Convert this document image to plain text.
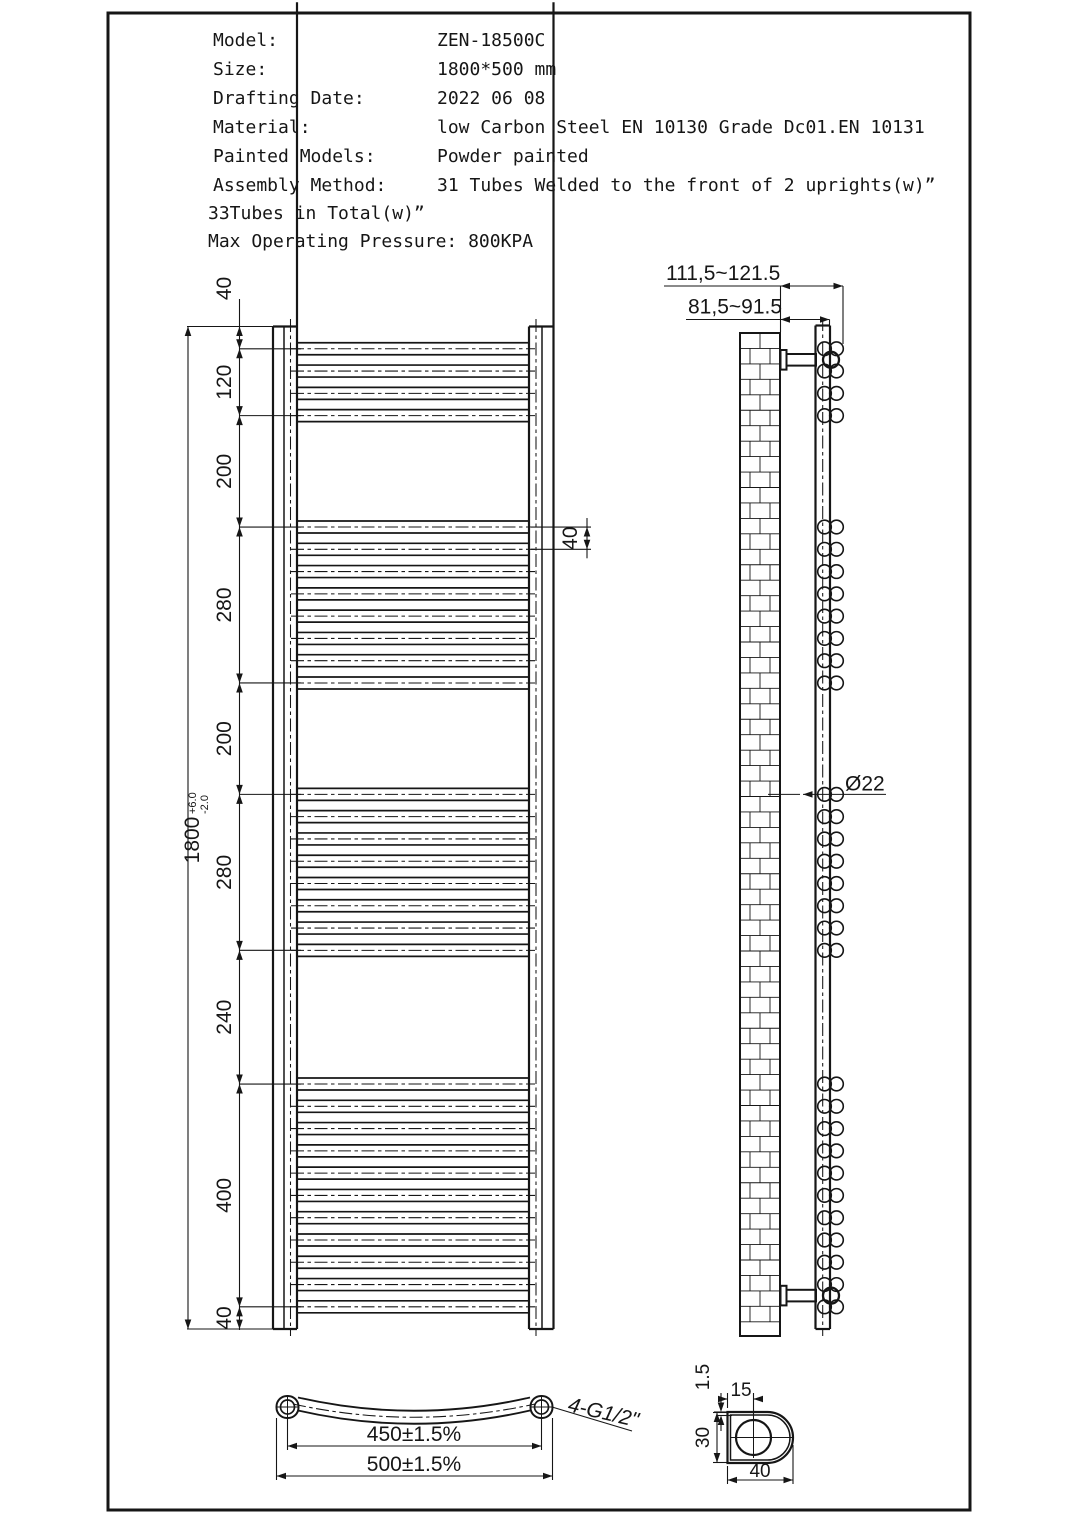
40
120
200
280
200
280
240
400
40
1800
+6.0 -2.0
40
111,5~121.5
81,5~91.5
Ø22
450±1.5%
500±1.5%
4-G1/2"
30
40
15
1.5
Model:	ZEN-18500C
Size:	1800*500 mm
Drafting Date:	2022 06 08
Material:	low Carbon Steel EN 10130 Grade Dc01.EN 10131
Painted Models:	Powder painted
Assembly Method:	31 Tubes Welded to the front of 2 uprights(w)”
33Tubes in Total(w)”
Max Operating Pressure: 800KPA
